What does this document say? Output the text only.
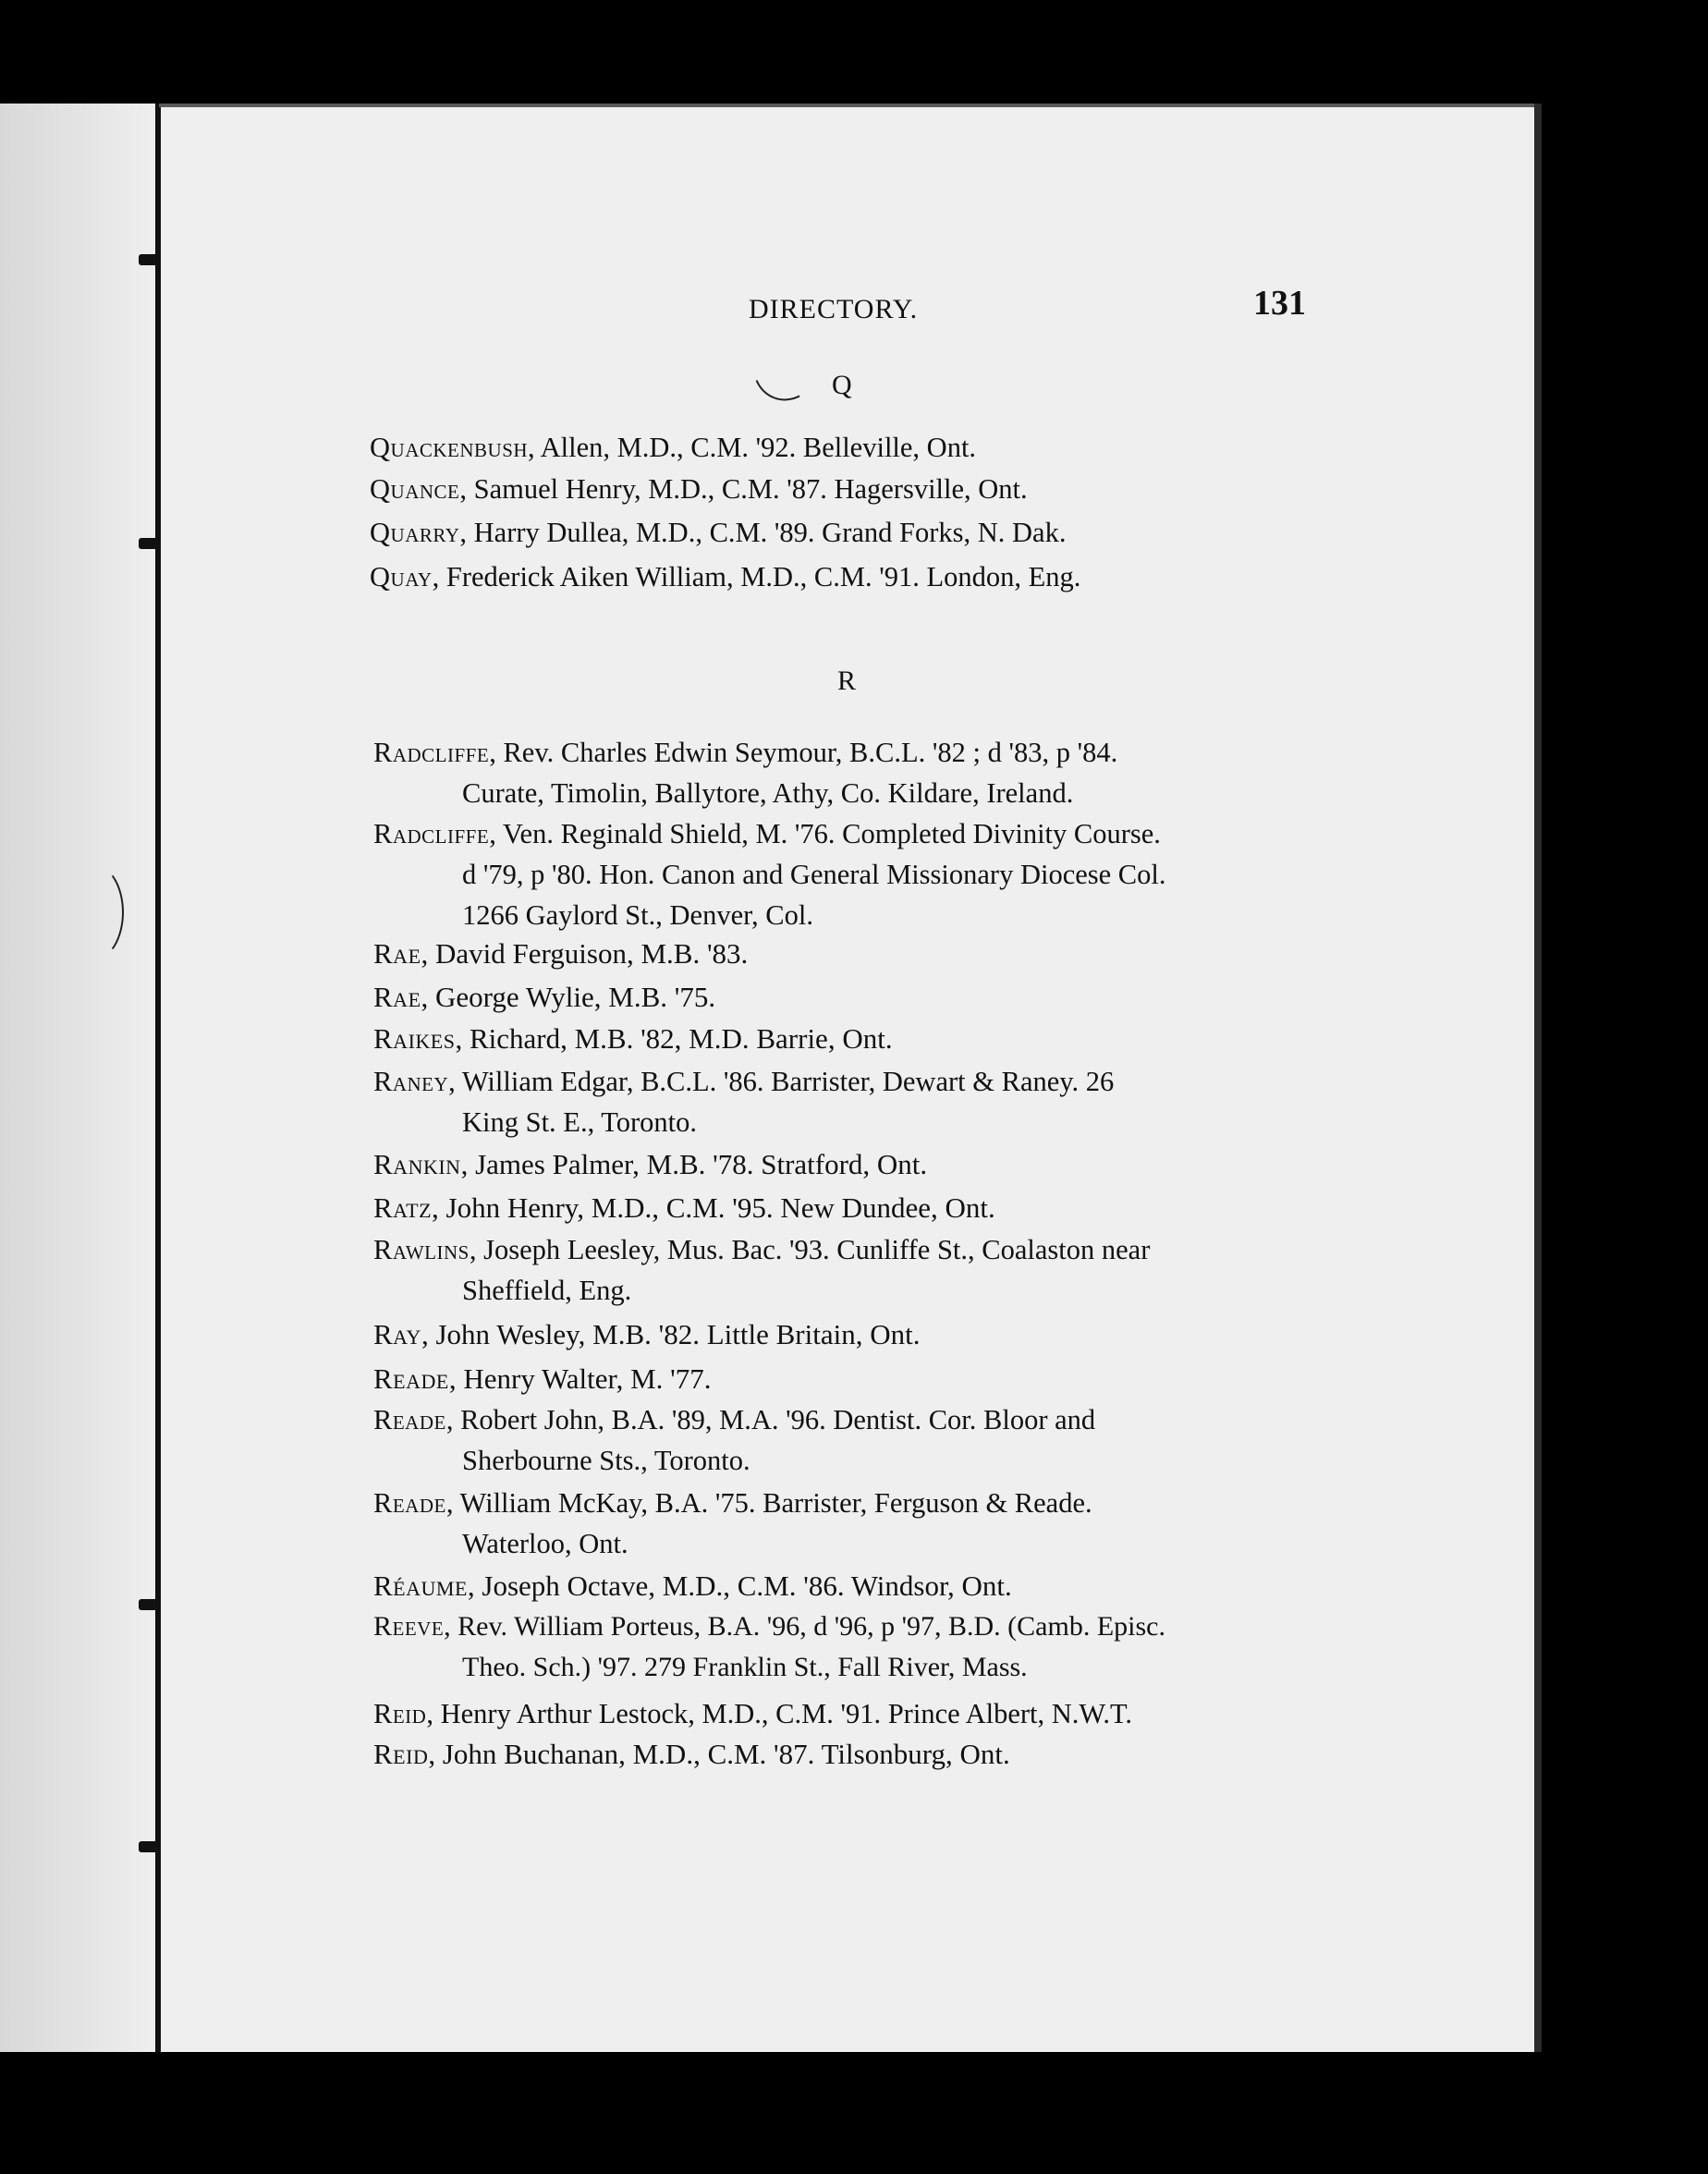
DIRECTORY.	131
Q
Quackenbush, Allen, M.D., C.M. '92. Belleville, Ont.
Quance, Samuel Henry, M.D., C.M. '87. Hagersville, Ont.
Quarry, Harry Dullea, M.D., C.M. '89. Grand Forks, N. Dak.
Quay, Frederick Aiken William, M.D., C.M. '91. London, Eng.
R
Radcliffe, Rev. Charles Edwin Seymour, B.C.L. '82 ; d '83, p '84.
Curate, Timolin, Ballytore, Athy, Co. Kildare, Ireland.
Radcliffe, Ven. Reginald Shield, M. '76. Completed Divinity Course.
d '79, p '80. Hon. Canon and General Missionary Diocese Col.
1266 Gaylord St., Denver, Col.
Rae, David Ferguison, M.B. '83.
Rae, George Wylie, M.B. '75.
Raikes, Richard, M.B. '82, M.D. Barrie, Ont.
Raney, William Edgar, B.C.L. '86. Barrister, Dewart & Raney. 26
King St. E., Toronto.
Rankin, James Palmer, M.B. '78. Stratford, Ont.
Ratz, John Henry, M.D., C.M. '95. New Dundee, Ont.
Rawlins, Joseph Leesley, Mus. Bac. '93. Cunliffe St., Coalaston near
Sheffield, Eng.
Ray, John Wesley, M.B. '82. Little Britain, Ont.
Reade, Henry Walter, M. '77.
Reade, Robert John, B.A. '89, M.A. '96. Dentist. Cor. Bloor and
Sherbourne Sts., Toronto.
Reade, William McKay, B.A. '75. Barrister, Ferguson & Reade.
Waterloo, Ont.
Réaume, Joseph Octave, M.D., C.M. '86. Windsor, Ont.
Reeve, Rev. William Porteus, B.A. '96, d '96, p '97, B.D. (Camb. Episc.
Theo. Sch.) '97. 279 Franklin St., Fall River, Mass.
Reid, Henry Arthur Lestock, M.D., C.M. '91. Prince Albert, N.W.T.
Reid, John Buchanan, M.D., C.M. '87. Tilsonburg, Ont.
